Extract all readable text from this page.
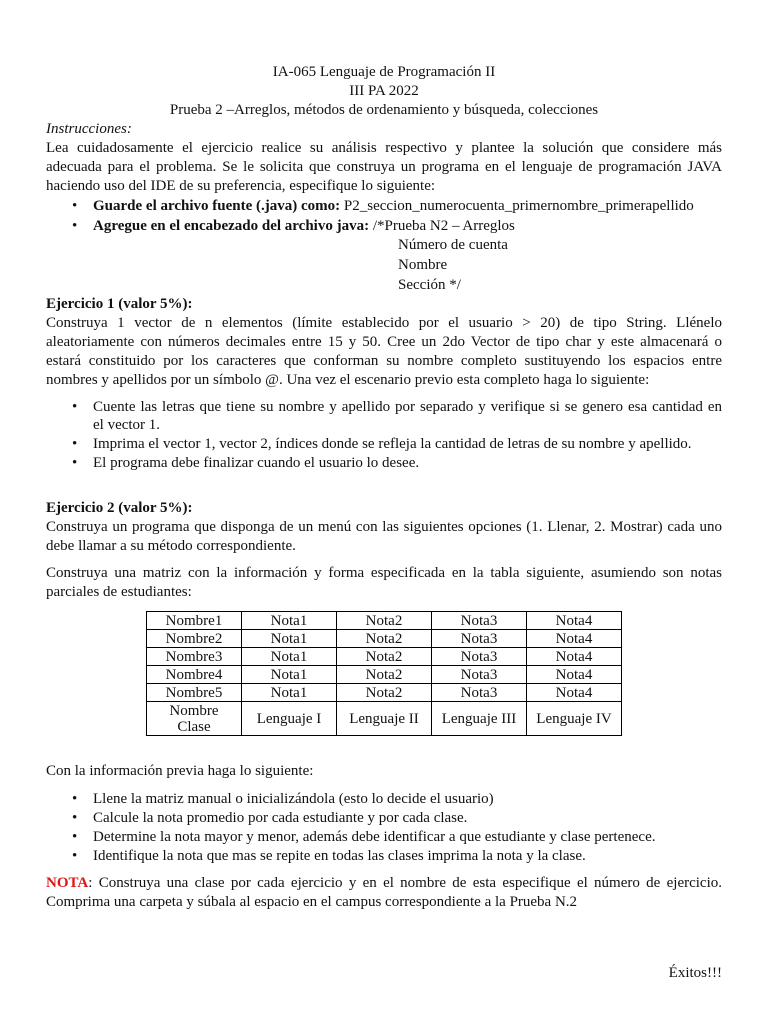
IA-065 Lenguaje de Programación II
III PA 2022
Prueba 2 –Arreglos, métodos de ordenamiento y búsqueda, colecciones
Instrucciones:
Lea cuidadosamente el ejercicio realice su análisis respectivo y plantee la solución que considere más
adecuada para el problema. Se le solicita que construya un programa en el lenguaje de programación JAVA
haciendo uso del IDE de su preferencia, especifique lo siguiente:
•	Guarde el archivo fuente (.java) como: P2_seccion_numerocuenta_primernombre_primerapellido
•	Agregue en el encabezado del archivo java: /*Prueba N2 – Arreglos
Número de cuenta
Nombre
Sección */
Ejercicio 1 (valor 5%):
Construya 1 vector de n elementos (límite establecido por el usuario > 20) de tipo String. Llénelo
aleatoriamente con números decimales entre 15 y 50. Cree un 2do Vector de tipo char y este almacenará o
estará constituido por los caracteres que conforman su nombre completo sustituyendo los espacios entre
nombres y apellidos por un símbolo @. Una vez el escenario previo esta completo haga lo siguiente:
•	Cuente las letras que tiene su nombre y apellido por separado y verifique si se genero esa cantidad en
el vector 1.
•	Imprima el vector 1, vector 2, índices donde se refleja la cantidad de letras de su nombre y apellido.
•	El programa debe finalizar cuando el usuario lo desee.
Ejercicio 2 (valor 5%):
Construya un programa que disponga de un menú con las siguientes opciones (1. Llenar, 2. Mostrar) cada uno
debe llamar a su método correspondiente.
Construya una matriz con la información y forma especificada en la tabla siguiente, asumiendo son notas
parciales de estudiantes:
Nombre1	Nota1	Nota2	Nota3	Nota4
Nombre2	Nota1	Nota2	Nota3	Nota4
Nombre3	Nota1	Nota2	Nota3	Nota4
Nombre4	Nota1	Nota2	Nota3	Nota4
Nombre5	Nota1	Nota2	Nota3	Nota4
Nombre
Clase	Lenguaje I	Lenguaje II	Lenguaje III	Lenguaje IV
Con la información previa haga lo siguiente:
•	Llene la matriz manual o inicializándola (esto lo decide el usuario)
•	Calcule la nota promedio por cada estudiante y por cada clase.
•	Determine la nota mayor y menor, además debe identificar a que estudiante y clase pertenece.
•	Identifique la nota que mas se repite en todas las clases imprima la nota y la clase.
NOTA: Construya una clase por cada ejercicio y en el nombre de esta especifique el número de ejercicio.
Comprima una carpeta y súbala al espacio en el campus correspondiente a la Prueba N.2
Éxitos!!!
